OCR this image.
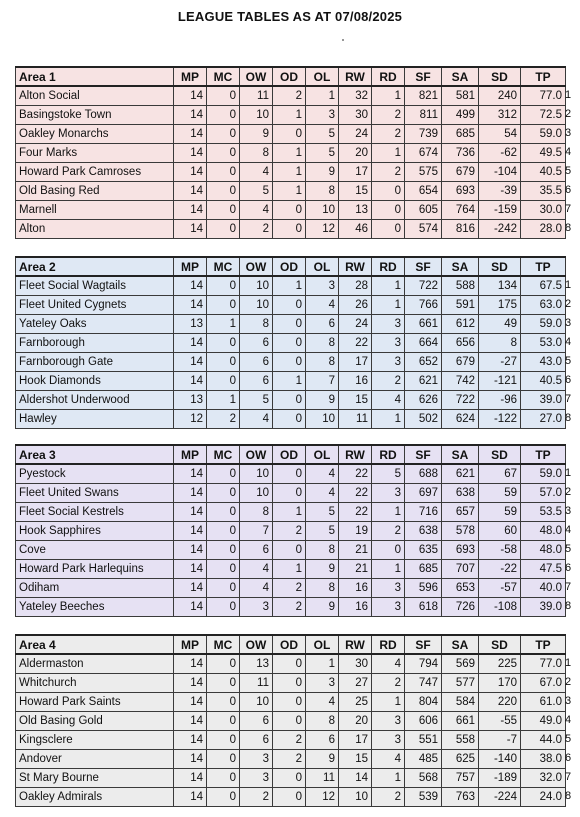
LEAGUE TABLES AS AT 07/08/2025
Area 1	MP	MC	OW	OD	OL	RW	RD	SF	SA	SD	TP
Alton Social	14	0	11	2	1	32	1	821	581	240	77.0
Basingstoke Town	14	0	10	1	3	30	2	811	499	312	72.5
Oakley Monarchs	14	0	9	0	5	24	2	739	685	54	59.0
Four Marks	14	0	8	1	5	20	1	674	736	-62	49.5
Howard Park Camroses	14	0	4	1	9	17	2	575	679	-104	40.5
Old Basing Red	14	0	5	1	8	15	0	654	693	-39	35.5
Marnell	14	0	4	0	10	13	0	605	764	-159	30.0
Alton	14	0	2	0	12	46	0	574	816	-242	28.0
1
2
3
4
5
6
7
8
Area 2	MP	MC	OW	OD	OL	RW	RD	SF	SA	SD	TP
Fleet Social Wagtails	14	0	10	1	3	28	1	722	588	134	67.5
Fleet United Cygnets	14	0	10	0	4	26	1	766	591	175	63.0
Yateley Oaks	13	1	8	0	6	24	3	661	612	49	59.0
Farnborough	14	0	6	0	8	22	3	664	656	8	53.0
Farnborough Gate	14	0	6	0	8	17	3	652	679	-27	43.0
Hook Diamonds	14	0	6	1	7	16	2	621	742	-121	40.5
Aldershot Underwood	13	1	5	0	9	15	4	626	722	-96	39.0
Hawley	12	2	4	0	10	11	1	502	624	-122	27.0
1
2
3
4
5
6
7
8
Area 3	MP	MC	OW	OD	OL	RW	RD	SF	SA	SD	TP
Pyestock	14	0	10	0	4	22	5	688	621	67	59.0
Fleet United Swans	14	0	10	0	4	22	3	697	638	59	57.0
Fleet Social Kestrels	14	0	8	1	5	22	1	716	657	59	53.5
Hook Sapphires	14	0	7	2	5	19	2	638	578	60	48.0
Cove	14	0	6	0	8	21	0	635	693	-58	48.0
Howard Park Harlequins	14	0	4	1	9	21	1	685	707	-22	47.5
Odiham	14	0	4	2	8	16	3	596	653	-57	40.0
Yateley Beeches	14	0	3	2	9	16	3	618	726	-108	39.0
1
2
3
4
5
6
7
8
Area 4	MP	MC	OW	OD	OL	RW	RD	SF	SA	SD	TP
Aldermaston	14	0	13	0	1	30	4	794	569	225	77.0
Whitchurch	14	0	11	0	3	27	2	747	577	170	67.0
Howard Park Saints	14	0	10	0	4	25	1	804	584	220	61.0
Old Basing Gold	14	0	6	0	8	20	3	606	661	-55	49.0
Kingsclere	14	0	6	2	6	17	3	551	558	-7	44.0
Andover	14	0	3	2	9	15	4	485	625	-140	38.0
St Mary Bourne	14	0	3	0	11	14	1	568	757	-189	32.0
Oakley Admirals	14	0	2	0	12	10	2	539	763	-224	24.0
1
2
3
4
5
6
7
8
